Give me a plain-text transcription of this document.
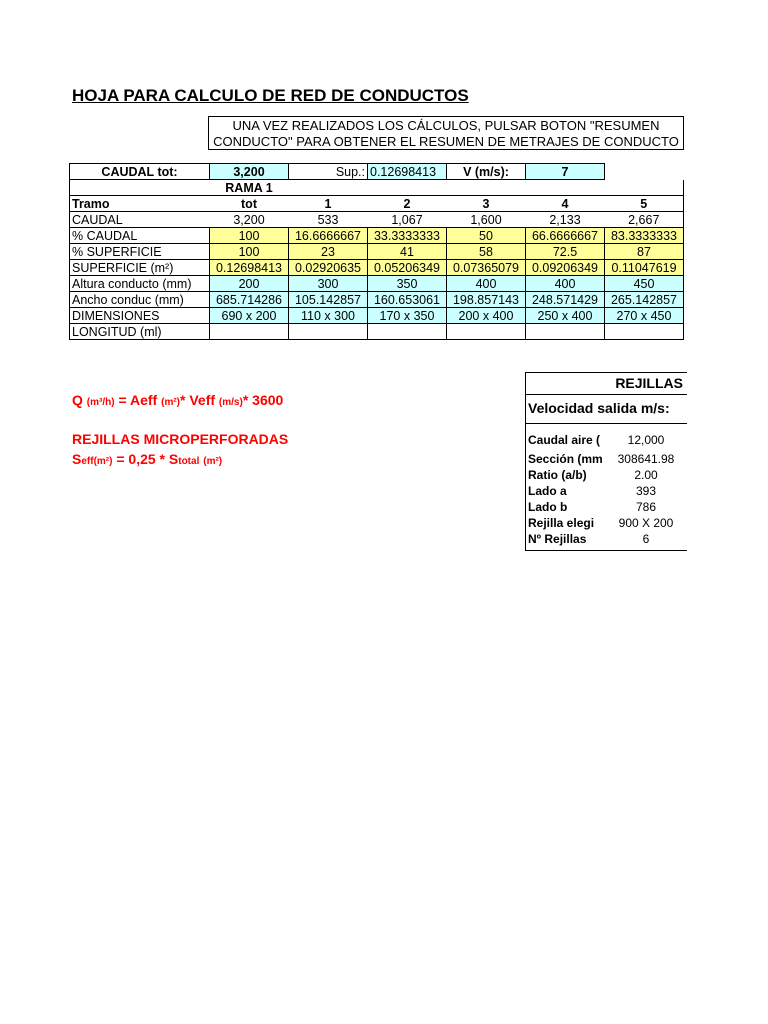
HOJA PARA CALCULO DE RED DE CONDUCTOS
UNA VEZ REALIZADOS LOS CÁLCULOS, PULSAR BOTON "RESUMEN CONDUCTO" PARA OBTENER EL RESUMEN DE METRAJES DE CONDUCTO
CAUDAL tot:	3,200	Sup.:	0.12698413	V (m/s):	7	
	RAMA 1					
Tramo	tot	1	2	3	4	5
CAUDAL	3,200	533	1,067	1,600	2,133	2,667
% CAUDAL	100	16.6666667	33.3333333	50	66.6666667	83.3333333
% SUPERFICIE	100	23	41	58	72.5	87
SUPERFICIE (m²)	0.12698413	0.02920635	0.05206349	0.07365079	0.09206349	0.11047619
Altura conducto (mm)	200	300	350	400	400	450
Ancho conduc (mm)	685.714286	105.142857	160.653061	198.857143	248.571429	265.142857
DIMENSIONES	690 x 200	110 x 300	170 x 350	200 x 400	250 x 400	270 x 450
LONGITUD (ml)						
Q (m³/h) = Aeff (m²)* Veff (m/s)* 3600
REJILLAS MICROPERFORADAS
Seff(m²) = 0,25 * Stotal (m²)
REJILLAS
Velocidad salida m/s:
Caudal aire (	12,000
Sección (mm	308641.98
Ratio (a/b)	2.00
Lado a	393
Lado b	786
Rejilla elegi	900 X 200
Nº Rejillas	6
